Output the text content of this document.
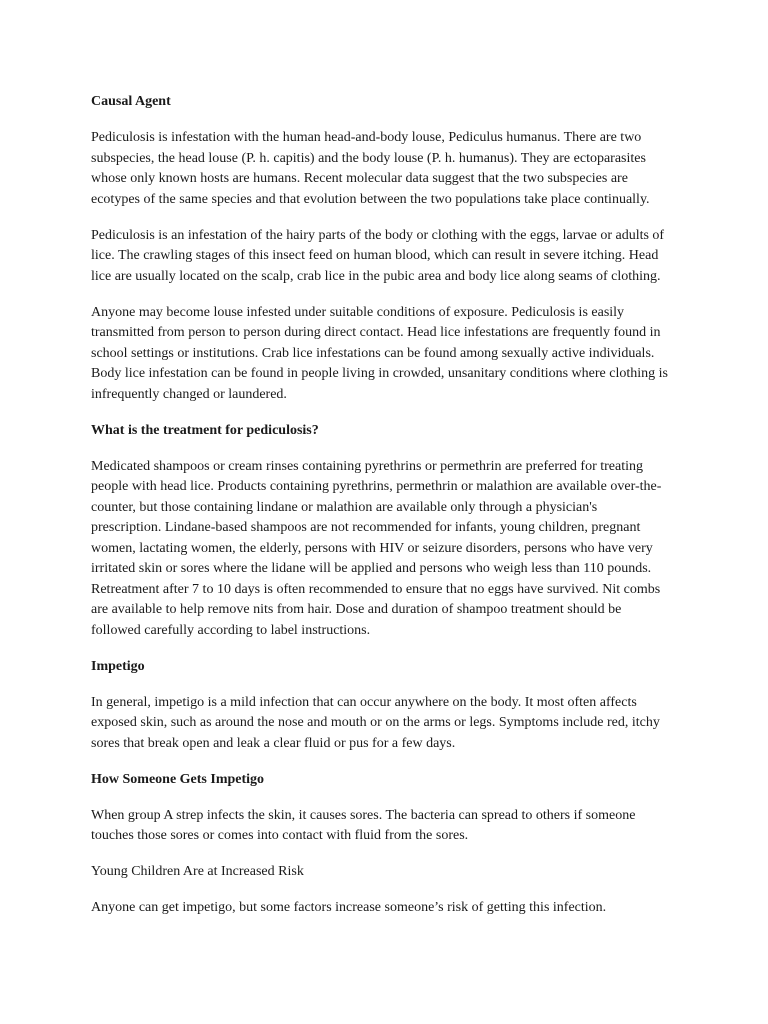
Causal Agent

Pediculosis is infestation with the human head-and-body louse, Pediculus humanus. There are two subspecies, the head louse (P. h. capitis) and the body louse (P. h. humanus). They are ectoparasites whose only known hosts are humans. Recent molecular data suggest that the two subspecies are ecotypes of the same species and that evolution between the two populations take place continually.

Pediculosis is an infestation of the hairy parts of the body or clothing with the eggs, larvae or adults of lice. The crawling stages of this insect feed on human blood, which can result in severe itching. Head lice are usually located on the scalp, crab lice in the pubic area and body lice along seams of clothing.

Anyone may become louse infested under suitable conditions of exposure. Pediculosis is easily transmitted from person to person during direct contact. Head lice infestations are frequently found in school settings or institutions. Crab lice infestations can be found among sexually active individuals. Body lice infestation can be found in people living in crowded, unsanitary conditions where clothing is infrequently changed or laundered.

What is the treatment for pediculosis?

Medicated shampoos or cream rinses containing pyrethrins or permethrin are preferred for treating people with head lice. Products containing pyrethrins, permethrin or malathion are available over-the-counter, but those containing lindane or malathion are available only through a physician's prescription. Lindane-based shampoos are not recommended for infants, young children, pregnant women, lactating women, the elderly, persons with HIV or seizure disorders, persons who have very irritated skin or sores where the lidane will be applied and persons who weigh less than 110 pounds. Retreatment after 7 to 10 days is often recommended to ensure that no eggs have survived. Nit combs are available to help remove nits from hair. Dose and duration of shampoo treatment should be followed carefully according to label instructions.

Impetigo

In general, impetigo is a mild infection that can occur anywhere on the body. It most often affects exposed skin, such as around the nose and mouth or on the arms or legs. Symptoms include red, itchy sores that break open and leak a clear fluid or pus for a few days.

How Someone Gets Impetigo

When group A strep infects the skin, it causes sores. The bacteria can spread to others if someone touches those sores or comes into contact with fluid from the sores.

Young Children Are at Increased Risk

Anyone can get impetigo, but some factors increase someone’s risk of getting this infection.
